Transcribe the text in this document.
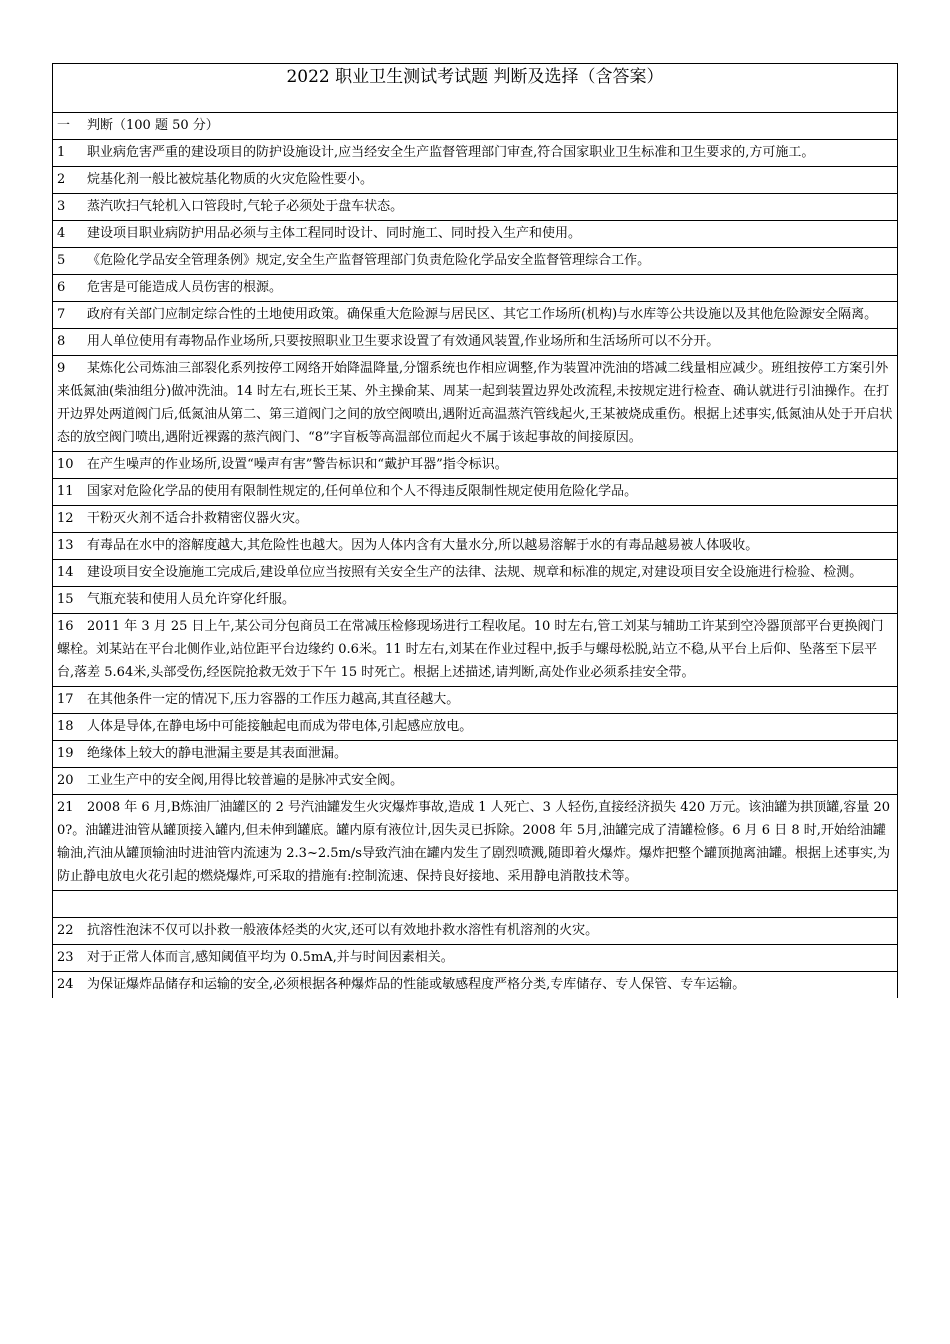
2022 职业卫生测试考试题 判断及选择（含答案）
一 判断（100 题 50 分）
1 职业病危害严重的建设项目的防护设施设计,应当经安全生产监督管理部门审查,符合国家职业卫生标准和卫生要求的,方可施工。
2 烷基化剂一般比被烷基化物质的火灾危险性要小。
3 蒸汽吹扫气轮机入口管段时,气轮子必须处于盘车状态。
4 建设项目职业病防护用品必须与主体工程同时设计、同时施工、同时投入生产和使用。
5 《危险化学品安全管理条例》规定,安全生产监督管理部门负责危险化学品安全监督管理综合工作。
6 危害是可能造成人员伤害的根源。
7 政府有关部门应制定综合性的土地使用政策。确保重大危险源与居民区、其它工作场所(机构)与水库等公共设施以及其他危险源安全隔离。
8 用人单位使用有毒物品作业场所,只要按照职业卫生要求设置了有效通风装置,作业场所和生活场所可以不分开。
9 某炼化公司炼油三部裂化系列按停工网络开始降温降量,分馏系统也作相应调整,作为装置冲洗油的塔减二线量相应减少。班组按停工方案引外来低氮油(柴油组分)做冲洗油。14 时左右,班长王某、外主操俞某、周某一起到装置边界处改流程,未按规定进行检查、确认就进行引油操作。在打开边界处两道阀门后,低氮油从第二、第三道阀门之间的放空阀喷出,遇附近高温蒸汽管线起火,王某被烧成重伤。根据上述事实,低氮油从处于开启状态的放空阀门喷出,遇附近裸露的蒸汽阀门、“8”字盲板等高温部位而起火不属于该起事故的间接原因。
10 在产生噪声的作业场所,设置“噪声有害”警告标识和“戴护耳器”指令标识。
11 国家对危险化学品的使用有限制性规定的,任何单位和个人不得违反限制性规定使用危险化学品。
12 干粉灭火剂不适合扑救精密仪器火灾。
13 有毒品在水中的溶解度越大,其危险性也越大。因为人体内含有大量水分,所以越易溶解于水的有毒品越易被人体吸收。
14 建设项目安全设施施工完成后,建设单位应当按照有关安全生产的法律、法规、规章和标准的规定,对建设项目安全设施进行检验、检测。
15 气瓶充装和使用人员允许穿化纤服。
16 2011 年 3 月 25 日上午,某公司分包商员工在常减压检修现场进行工程收尾。10 时左右,管工刘某与辅助工许某到空冷器顶部平台更换阀门螺栓。刘某站在平台北侧作业,站位距平台边缘约 0.6米。11 时左右,刘某在作业过程中,扳手与螺母松脱,站立不稳,从平台上后仰、坠落至下层平台,落差 5.64米,头部受伤,经医院抢救无效于下午 15 时死亡。根据上述描述,请判断,高处作业必须系挂安全带。
17 在其他条件一定的情况下,压力容器的工作压力越高,其直径越大。
18 人体是导体,在静电场中可能接触起电而成为带电体,引起感应放电。
19 绝缘体上较大的静电泄漏主要是其表面泄漏。
20 工业生产中的安全阀,用得比较普遍的是脉冲式安全阀。
21 2008 年 6 月,B炼油厂油罐区的 2 号汽油罐发生火灾爆炸事故,造成 1 人死亡、3 人轻伤,直接经济损失 420 万元。该油罐为拱顶罐,容量 200?。油罐进油管从罐顶接入罐内,但未伸到罐底。罐内原有液位计,因失灵已拆除。2008 年 5月,油罐完成了清罐检修。6 月 6 日 8 时,开始给油罐输油,汽油从罐顶输油时进油管内流速为 2.3~2.5m/s导致汽油在罐内发生了剧烈喷溅,随即着火爆炸。爆炸把整个罐顶抛离油罐。根据上述事实,为防止静电放电火花引起的燃烧爆炸,可采取的措施有:控制流速、保持良好接地、采用静电消散技术等。

22 抗溶性泡沫不仅可以扑救一般液体烃类的火灾,还可以有效地扑救水溶性有机溶剂的火灾。
23 对于正常人体而言,感知阈值平均为 0.5mA,并与时间因素相关。
24 为保证爆炸品储存和运输的安全,必须根据各种爆炸品的性能或敏感程度严格分类,专库储存、专人保管、专车运输。
